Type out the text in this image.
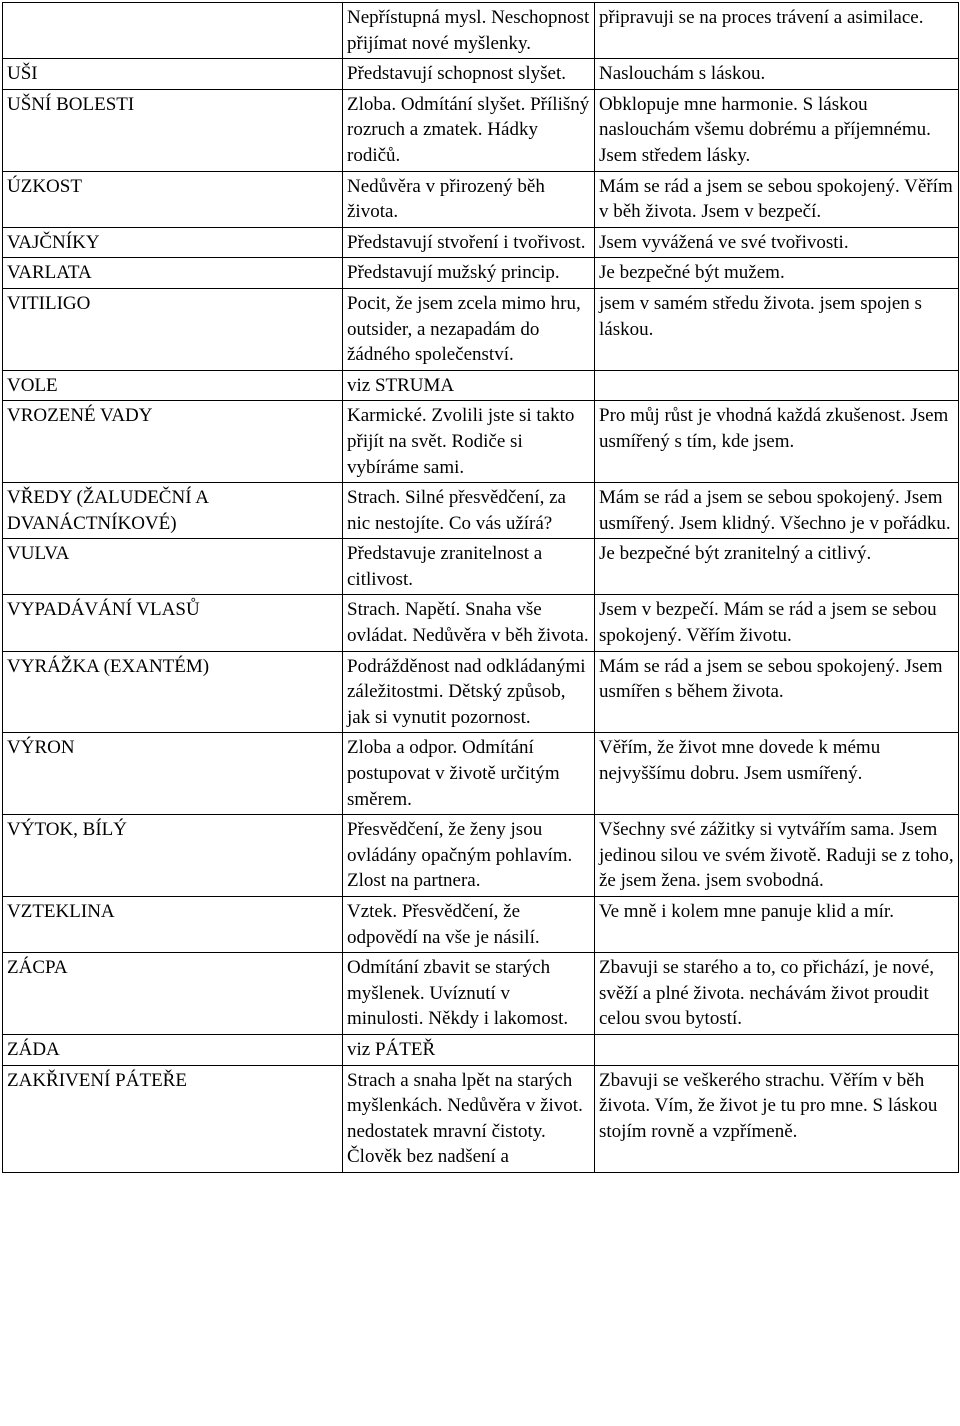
	Nepřístupná mysl. Neschopnost přijímat nové myšlenky.	připravuji se na proces trávení a asimilace.
UŠI	Představují schopnost slyšet.	Naslouchám s láskou.
UŠNÍ BOLESTI	Zloba. Odmítání slyšet. Přílišný rozruch a zmatek. Hádky rodičů.	Obklopuje mne harmonie. S láskou naslouchám všemu dobrému a příjemnému. Jsem středem lásky.
ÚZKOST	Nedůvěra v přirozený běh života.	Mám se rád a jsem se sebou spokojený. Věřím v běh života. Jsem v bezpečí.
VAJČNÍKY	Představují stvoření i tvořivost.	Jsem vyvážená ve své tvořivosti.
VARLATA	Představují mužský princip.	Je bezpečné být mužem.
VITILIGO	Pocit, že jsem zcela mimo hru, outsider, a nezapadám do žádného společenství.	jsem v samém středu života. jsem spojen s láskou.
VOLE	viz STRUMA	
VROZENÉ VADY	Karmické. Zvolili jste si takto přijít na svět. Rodiče si vybíráme sami.	Pro můj růst je vhodná každá zkušenost. Jsem usmířený s tím, kde jsem.
VŘEDY (ŽALUDEČNÍ A DVANÁCTNÍKOVÉ)	Strach. Silné přesvědčení, za nic nestojíte. Co vás užírá?	Mám se rád a jsem se sebou spokojený. Jsem usmířený. Jsem klidný. Všechno je v pořádku.
VULVA	Představuje zranitelnost a citlivost.	Je bezpečné být zranitelný a citlivý.
VYPADÁVÁNÍ VLASŮ	Strach. Napětí. Snaha vše ovládat. Nedůvěra v běh života.	Jsem v bezpečí. Mám se rád a jsem se sebou spokojený. Věřím životu.
VYRÁŽKA (EXANTÉM)	Podrážděnost nad odkládanými záležitostmi. Dětský způsob, jak si vynutit pozornost.	Mám se rád a jsem se sebou spokojený. Jsem usmířen s během života.
VÝRON	Zloba a odpor. Odmítání postupovat v životě určitým směrem.	Věřím, že život mne dovede k mému nejvyššímu dobru. Jsem usmířený.
VÝTOK, BÍLÝ	Přesvědčení, že ženy jsou ovládány opačným pohlavím. Zlost na partnera.	Všechny své zážitky si vytvářím sama. Jsem jedinou silou ve svém životě. Raduji se z toho, že jsem žena. jsem svobodná.
VZTEKLINA	Vztek. Přesvědčení, že odpovědí na vše je násilí.	Ve mně i kolem mne panuje klid a mír.
ZÁCPA	Odmítání zbavit se starých myšlenek. Uvíznutí v minulosti. Někdy i lakomost.	Zbavuji se starého a to, co přichází, je nové, svěží a plné života. nechávám život proudit celou svou bytostí.
ZÁDA	viz PÁTEŘ	
ZAKŘIVENÍ PÁTEŘE	Strach a snaha lpět na starých myšlenkách. Nedůvěra v život. nedostatek mravní čistoty. Člověk bez nadšení a	Zbavuji se veškerého strachu. Věřím v běh života. Vím, že život je tu pro mne. S láskou stojím rovně a vzpřímeně.
